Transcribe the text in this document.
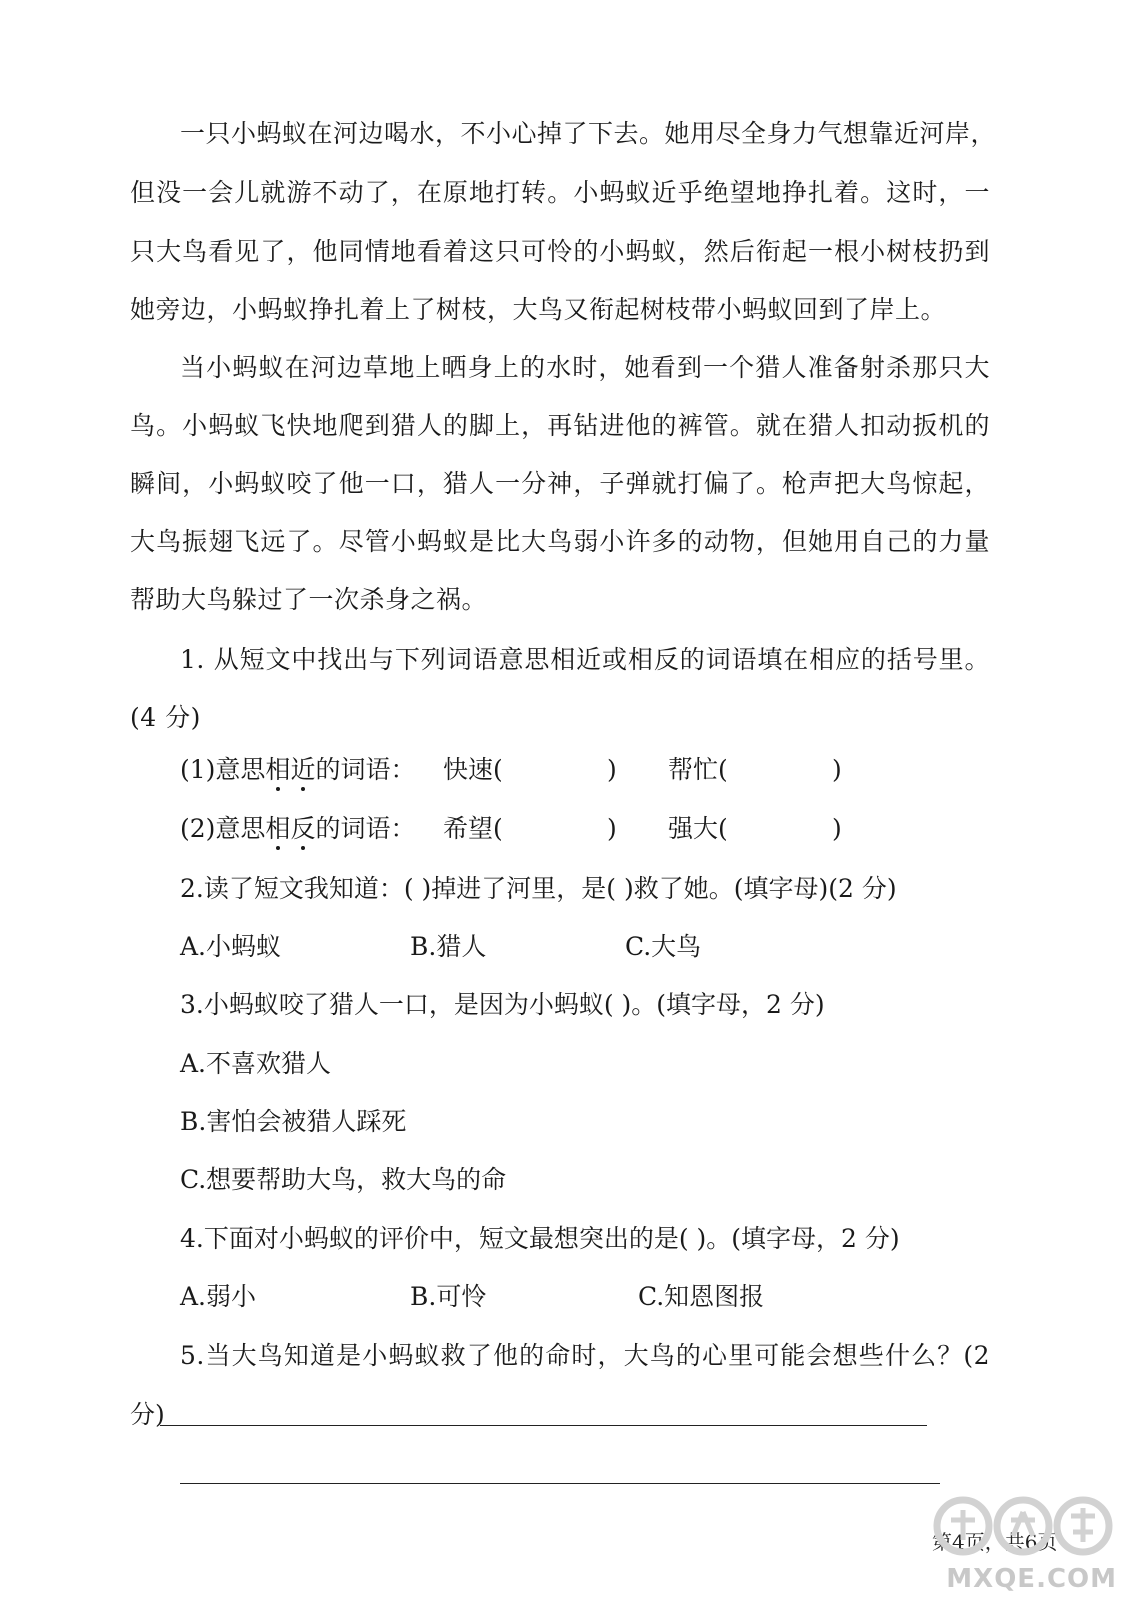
一只小蚂蚁在河边喝水，不小心掉了下去。她用尽全身力气想靠近河岸，
但没一会儿就游不动了，在原地打转。小蚂蚁近乎绝望地挣扎着。这时，一
只大鸟看见了，他同情地看着这只可怜的小蚂蚁，然后衔起一根小树枝扔到
她旁边，小蚂蚁挣扎着上了树枝，大鸟又衔起树枝带小蚂蚁回到了岸上。
当小蚂蚁在河边草地上晒身上的水时，她看到一个猎人准备射杀那只大
鸟。小蚂蚁飞快地爬到猎人的脚上，再钻进他的裤管。就在猎人扣动扳机的
瞬间，小蚂蚁咬了他一口，猎人一分神，子弹就打偏了。枪声把大鸟惊起，
大鸟振翅飞远了。尽管小蚂蚁是比大鸟弱小许多的动物，但她用自己的力量
帮助大鸟躲过了一次杀身之祸。
1. 从短文中找出与下列词语意思相近或相反的词语填在相应的括号里。
(4 分)
(1)意思相近的词语： 快速(	) 帮忙(	)
(2)意思相反的词语： 希望(	) 强大(	)
2.读了短文我知道：( )掉进了河里，是( )救了她。(填字母)(2 分)
A.小蚂蚁	B.猎人	C.大鸟
3.小蚂蚁咬了猎人一口，是因为小蚂蚁( )。(填字母，2 分)
A.不喜欢猎人
B.害怕会被猎人踩死
C.想要帮助大鸟，救大鸟的命
4.下面对小蚂蚁的评价中，短文最想突出的是( )。(填字母，2 分)
A.弱小	B.可怜	C.知恩图报
5.当大鸟知道是小蚂蚁救了他的命时，大鸟的心里可能会想些什么？(2
分)
第4页，共6页
MXQE.COM
